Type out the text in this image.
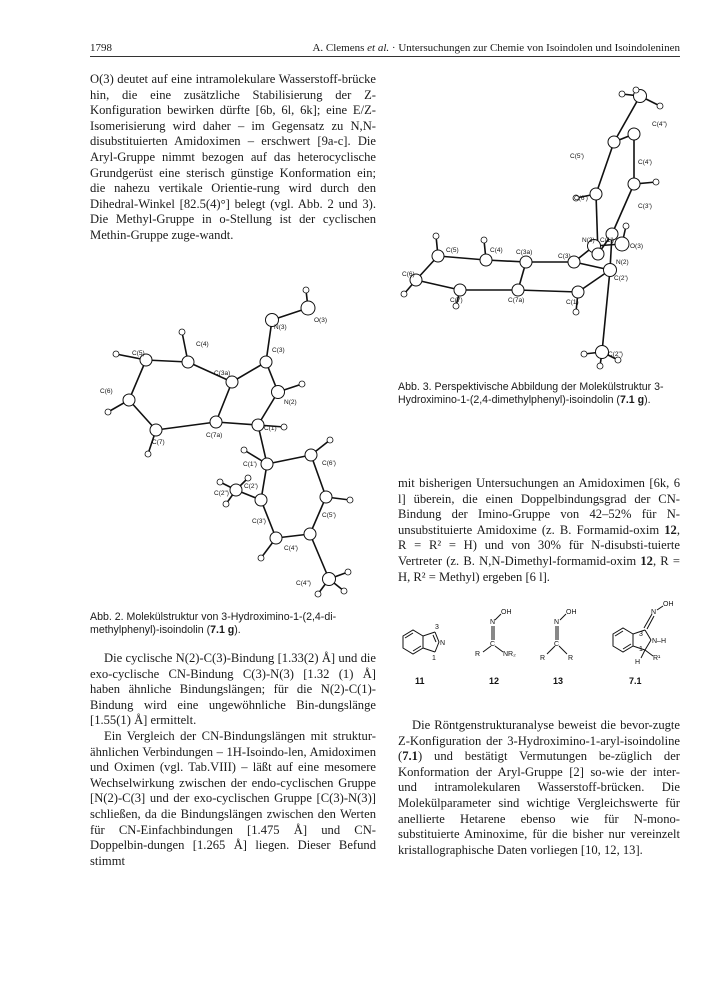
1798	A. Clemens et al. · Untersuchungen zur Chemie von Isoindolen und Isoindoleninen

O(3) deutet auf eine intramolekulare Wasserstoff-brücke hin, die eine zusätzliche Stabilisierung der Z-Konfiguration bewirken dürfte [6b, 6l, 6k]; eine E/Z-Isomerisierung wird daher – im Gegensatz zu N,N-disubstituierten Amidoximen – erschwert [9a-c]. Die Aryl-Gruppe nimmt bezogen auf das heterocyclische Grundgerüst eine sterisch günstige Konformation ein; die nahezu vertikale Orientie-rung wird durch den Dihedral-Winkel [82.5(4)°] belegt (vgl. Abb. 2 und 3). Die Methyl-Gruppe in o-Stellung ist der cyclischen Methin-Gruppe zuge-wandt.

N(3)
O(3)
C(4)
C(3a)
C(3)
C(5)
N(2)
C(6)
C(7a)
C(1)
C(7)
C(1')	C(6')
C(2')
C(2")
C(5')
C(3')
C(4')
C(4")
C(4")
C(5')
C(4')
C(6')
C(3')
N(3) C(1')
O(3)
C(5)	C(4) C(3a)
C(3)
N(2)
C(6)
C(2')
C(7)	C(7a)	C(1)
C(2")
Abb. 3. Perspektivische Abbildung der Molekülstruktur 3-Hydroximino-1-(2,4-dimethylphenyl)-isoindolin (7.1 g).
Abb. 2. Molekülstruktur von 3-Hydroximino-1-(2,4-di-methylphenyl)-isoindolin (7.1 g).

Die cyclische N(2)-C(3)-Bindung [1.33(2) Å] und die exo-cyclische CN-Bindung C(3)-N(3) [1.32 (1) Å] haben ähnliche Bindungslängen; für die N(2)-C(1)-Bindung wird eine ungewöhnliche Bin-dungslänge [1.55(1) Å] ermittelt.

Ein Vergleich der CN-Bindungslängen mit struktur-ähnlichen Verbindungen – 1H-Isoindo-len, Amidoximen und Oximen (vgl. Tab.VIII) – läßt auf eine mesomere Wechselwirkung zwischen der endo-cyclischen Gruppe [N(2)-C(3] und der exo-cyclischen Gruppe [C(3)-N(3)] schließen, da die Bindungslängen zwischen den Werten für CN-Einfachbindungen [1.475 Å] und CN-Doppelbin-dungen [1.265 Å] liegen. Dieser Befund stimmt

mit bisherigen Untersuchungen an Amidoximen [6k, 6 l] überein, die einen Doppelbindungsgrad der CN-Bindung der Imino-Gruppe von 42–52% für N-unsubstituierte Amidoxime (z. B. Formamid-oxim 12, R = R² = H) und von 30% für N-disubsti-tuierte Vertreter (z. B. N,N-Dimethyl-formamid-oxim 12, R = H, R² = Methyl) ergeben [6 l].

N
3
1
N
OH
C
R	NR₂
N
OH
C
R	R
N
OH
N–H
R¹
H
3
1
11	12	13	7.1

Die Röntgenstrukturanalyse beweist die bevor-zugte Z-Konfiguration der 3-Hydroximino-1-aryl-isoindoline (7.1) und bestätigt Vermutungen be-züglich der Konformation der Aryl-Gruppe [2] so-wie der inter- und intramolekularen Wasserstoff-brücken. Die Molekülparameter sind wichtige Vergleichswerte für anellierte Hetarene ebenso wie für N-mono-substituierte Aminoxime, für die bisher nur vereinzelt kristallographische Daten vorliegen [10, 12, 13].
